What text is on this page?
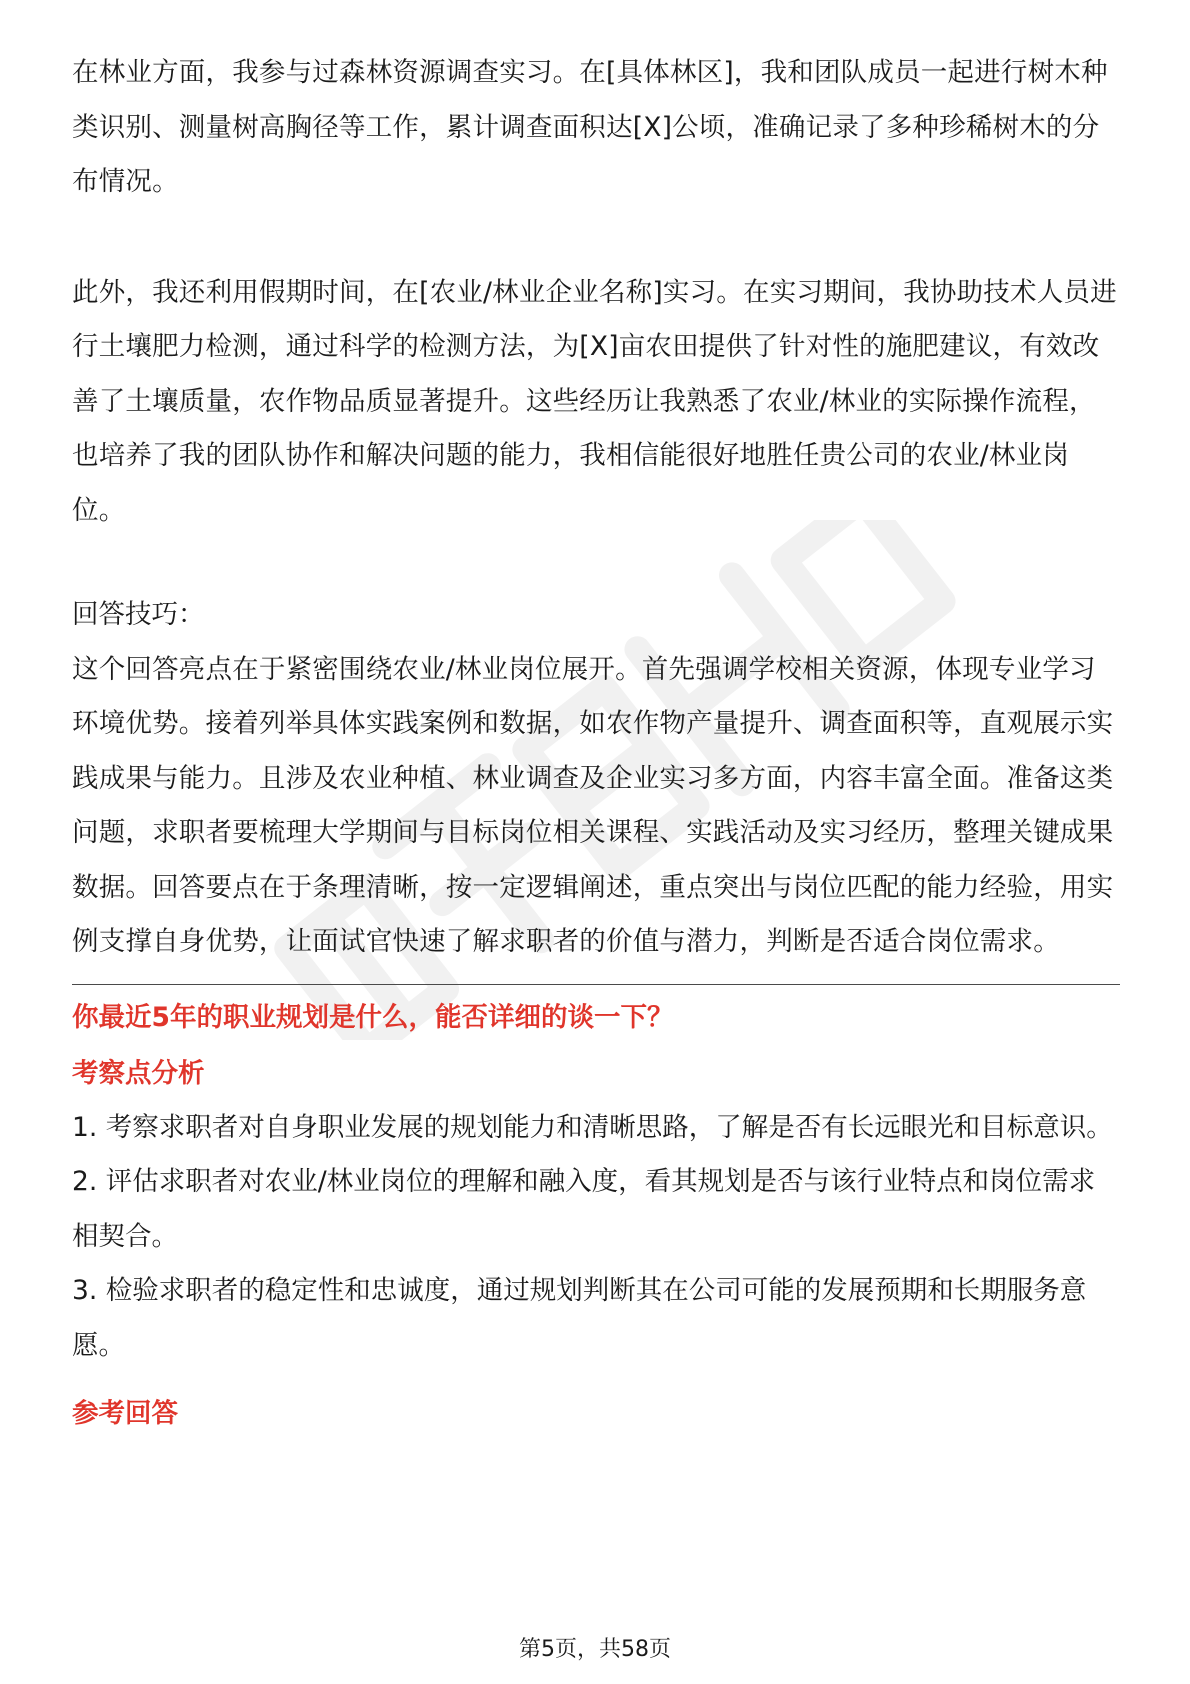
在林业方面，我参与过森林资源调查实习。在[具体林区]，我和团队成员一起进行树木种类识别、测量树高胸径等工作，累计调查面积达[X]公顷，准确记录了多种珍稀树木的分布情况。

此外，我还利用假期时间，在[农业/林业企业名称]实习。在实习期间，我协助技术人员进行土壤肥力检测，通过科学的检测方法，为[X]亩农田提供了针对性的施肥建议，有效改善了土壤质量，农作物品质显著提升。这些经历让我熟悉了农业/林业的实际操作流程，也培养了我的团队协作和解决问题的能力，我相信能很好地胜任贵公司的农业/林业岗位。

回答技巧：

这个回答亮点在于紧密围绕农业/林业岗位展开。首先强调学校相关资源，体现专业学习环境优势。接着列举具体实践案例和数据，如农作物产量提升、调查面积等，直观展示实践成果与能力。且涉及农业种植、林业调查及企业实习多方面，内容丰富全面。准备这类问题，求职者要梳理大学期间与目标岗位相关课程、实践活动及实习经历，整理关键成果数据。回答要点在于条理清晰，按一定逻辑阐述，重点突出与岗位匹配的能力经验，用实例支撑自身优势，让面试官快速了解求职者的价值与潜力，判断是否适合岗位需求。

你最近5年的职业规划是什么，能否详细的谈一下？

考察点分析

1. 考察求职者对自身职业发展的规划能力和清晰思路，了解是否有长远眼光和目标意识。

2. 评估求职者对农业/林业岗位的理解和融入度，看其规划是否与该行业特点和岗位需求相契合。

3. 检验求职者的稳定性和忠诚度，通过规划判断其在公司可能的发展预期和长期服务意愿。

参考回答

第5页，共58页
